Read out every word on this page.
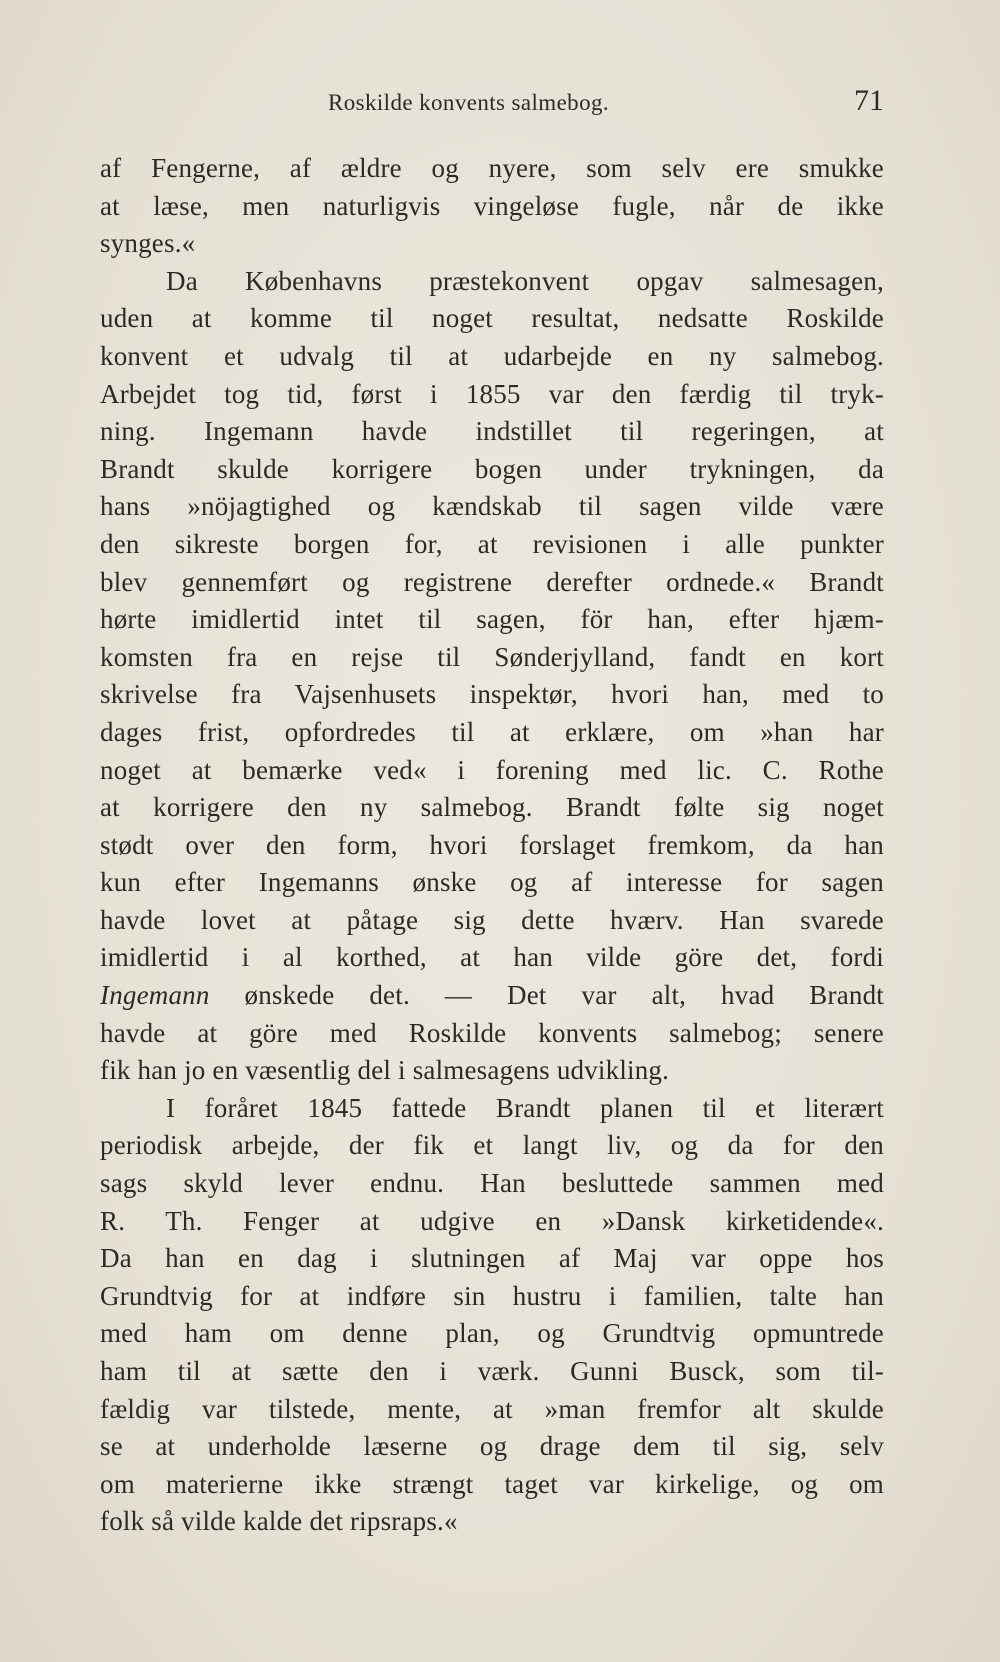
Roskilde konvents salmebog.	71
af Fengerne, af ældre og nyere, som selv ere smukke
at læse, men naturligvis vingeløse fugle, når de ikke
synges.«
Da Københavns præstekonvent opgav salmesagen,
uden at komme til noget resultat, nedsatte Roskilde
konvent et udvalg til at udarbejde en ny salmebog.
Arbejdet tog tid, først i 1855 var den færdig til tryk-
ning. Ingemann havde indstillet til regeringen, at
Brandt skulde korrigere bogen under trykningen, da
hans »nöjagtighed og kændskab til sagen vilde være
den sikreste borgen for, at revisionen i alle punkter
blev gennemført og registrene derefter ordnede.« Brandt
hørte imidlertid intet til sagen, för han, efter hjæm-
komsten fra en rejse til Sønderjylland, fandt en kort
skrivelse fra Vajsenhusets inspektør, hvori han, med to
dages frist, opfordredes til at erklære, om »han har
noget at bemærke ved« i forening med lic. C. Rothe
at korrigere den ny salmebog. Brandt følte sig noget
stødt over den form, hvori forslaget fremkom, da han
kun efter Ingemanns ønske og af interesse for sagen
havde lovet at påtage sig dette hværv. Han svarede
imidlertid i al korthed, at han vilde göre det, fordi
Ingemann ønskede det. — Det var alt, hvad Brandt
havde at göre med Roskilde konvents salmebog; senere
fik han jo en væsentlig del i salmesagens udvikling.
I foråret 1845 fattede Brandt planen til et literært
periodisk arbejde, der fik et langt liv, og da for den
sags skyld lever endnu. Han besluttede sammen med
R. Th. Fenger at udgive en »Dansk kirketidende«.
Da han en dag i slutningen af Maj var oppe hos
Grundtvig for at indføre sin hustru i familien, talte han
med ham om denne plan, og Grundtvig opmuntrede
ham til at sætte den i værk. Gunni Busck, som til-
fældig var tilstede, mente, at »man fremfor alt skulde
se at underholde læserne og drage dem til sig, selv
om materierne ikke strængt taget var kirkelige, og om
folk så vilde kalde det ripsraps.«
